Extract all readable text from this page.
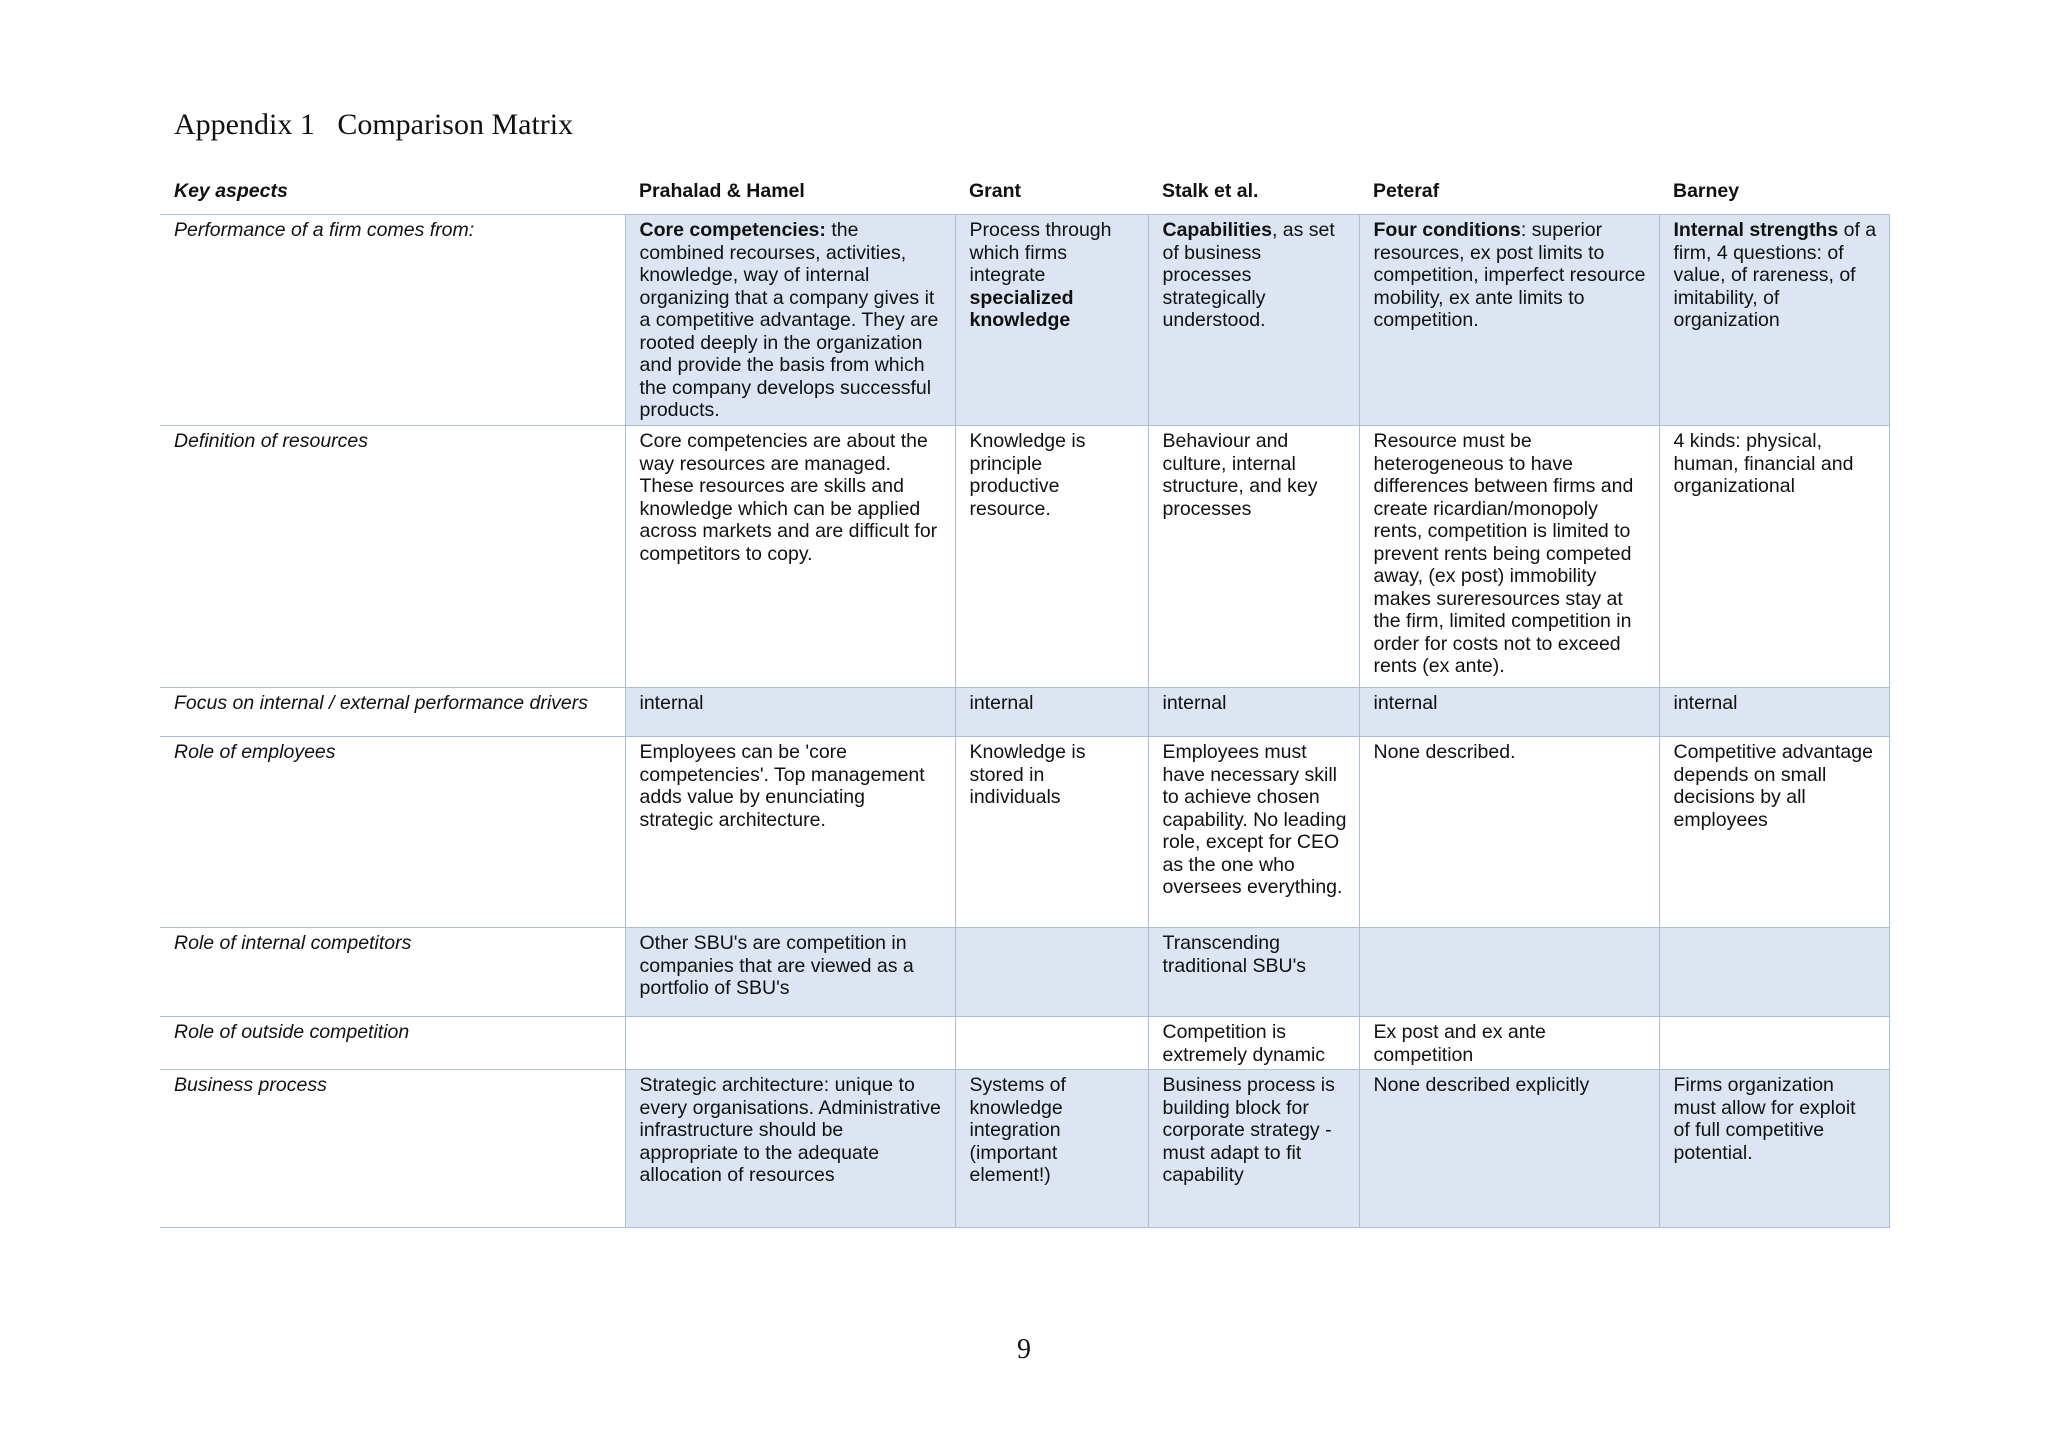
Appendix 1   Comparison Matrix
Key aspects	Prahalad & Hamel	Grant	Stalk et al.	Peteraf	Barney
Performance of a firm comes from:	Core competencies: the combined recourses, activities, knowledge, way of internal organizing that a company gives it a competitive advantage. They are rooted deeply in the organization and provide the basis from which the company develops successful products.	Process through which firms integrate specialized knowledge	Capabilities, as set of business processes strategically understood.	Four conditions: superior resources, ex post limits to competition, imperfect resource mobility, ex ante limits to competition.	Internal strengths of a firm, 4 questions: of value, of rareness, of imitability, of organization
Definition of resources	Core competencies are about the way resources are managed. These resources are skills and knowledge which can be applied across markets and are difficult for competitors to copy.	Knowledge is principle productive resource.	Behaviour and culture, internal structure, and key processes	Resource must be heterogeneous to have differences between firms and create ricardian/monopoly rents, competition is limited to prevent rents being competed away, (ex post) immobility makes sureresources stay at the firm, limited competition in order for costs not to exceed rents (ex ante).	4 kinds: physical, human, financial and organizational
Focus on internal / external performance drivers	internal	internal	internal	internal	internal
Role of employees	Employees can be 'core competencies'. Top management adds value by enunciating strategic architecture.	Knowledge is stored in individuals	Employees must have necessary skill to achieve chosen capability. No leading role, except for CEO as the one who oversees everything.	None described.	Competitive advantage depends on small decisions by all employees
Role of internal competitors	Other SBU's are competition in companies that are viewed as a portfolio of SBU's		Transcending traditional SBU's		
Role of outside competition			Competition is extremely dynamic	Ex post and ex ante competition	
Business process	Strategic architecture: unique to every organisations. Administrative infrastructure should be appropriate to the adequate allocation of resources	Systems of knowledge integration (important element!)	Business process is building block for corporate strategy - must adapt to fit capability	None described explicitly	Firms organization must allow for exploit of full competitive potential.
9
